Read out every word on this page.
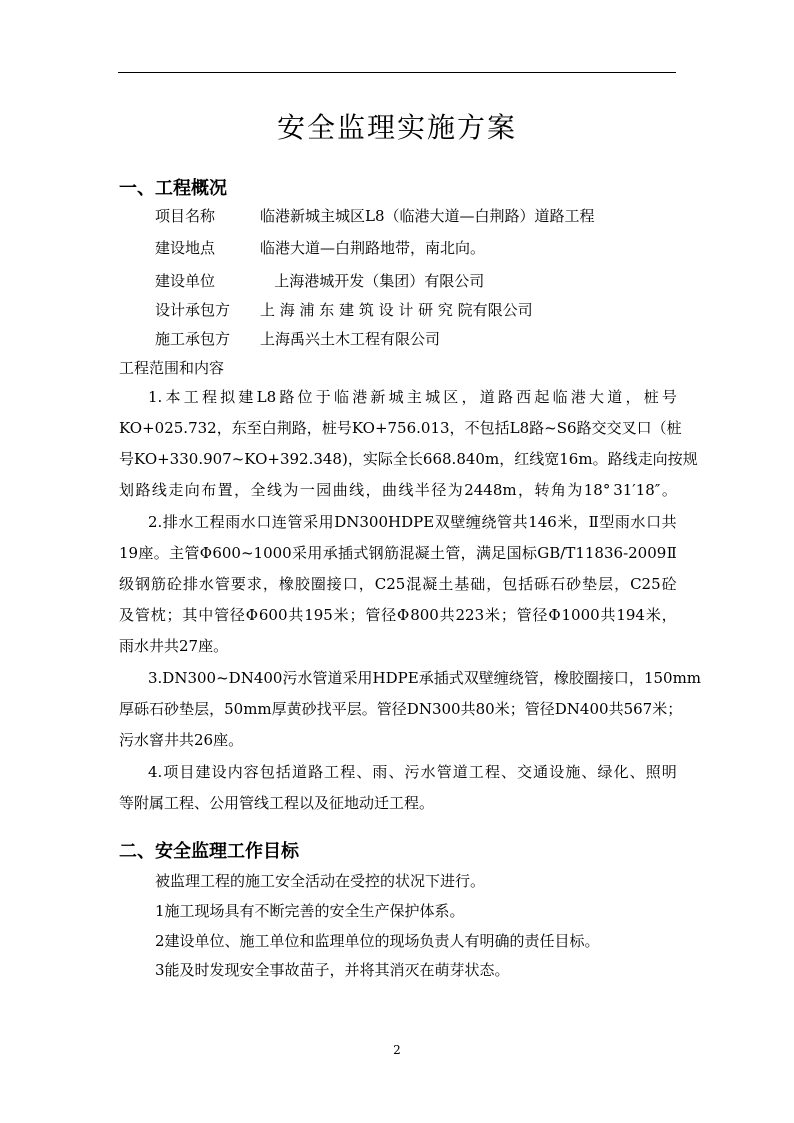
安全监理实施方案
一、工程概况
项目名称	临港新城主城区L8（临港大道—白荆路）道路工程
建设地点	临港大道—白荆路地带，南北向。
建设单位	上海港城开发（集团）有限公司
设计承包方 上 海 浦 东 建 筑 设 计 研 究 院有限公司
施工承包方 上海禹兴土木工程有限公司
工程范围和内容
1. 本 工 程 拟 建 L8 路 位 于 临 港 新 城 主 城 区 ， 道 路 西 起 临 港 大 道 ， 桩 号
KO+025.732 ， 东 至 白 荆 路 ， 桩 号 KO+756.013 ， 不 包 括 L8 路 ~S6 路 交 交 叉 口 （ 桩
号 KO+330.907~KO+392.348 ) ， 实 际 全 长 668.840m ， 红 线 宽 16m 。 路 线 走 向 按 规
划 路 线 走 向 布 置 ， 全 线 为 一 园 曲 线 ， 曲 线 半 径 为 2448m ， 转 角 为 18° 31′18″ 。
2. 排 水 工 程 雨 水 口 连 管 采 用 DN300HDPE 双 壁 缠 绕 管 共 146 米 ， Ⅱ 型 雨 水 口 共
19 座 。 主 管 Φ 600~1000 采 用 承 插 式 钢 筋 混 凝 土 管 ， 满 足 国 标 GB/T11836-2009 Ⅱ
级 钢 筋 砼 排 水 管 要 求 ， 橡 胶 圈 接 口 ， C25 混 凝 土 基 础 ， 包 括 砾 石 砂 垫 层 ， C25 砼
及 管 枕 ； 其 中 管 径 Φ 600 共 195 米 ； 管 径 Φ 800 共 223 米 ； 管 径 Φ 1000 共 194 米 ，
雨水井共27座。
3.DN300~DN400 污 水 管 道 采 用 HDPE 承 插 式 双 壁 缠 绕 管 ， 橡 胶 圈 接 口 ， 150mm
厚 砾 石 砂 垫 层 ， 50mm 厚 黄 砂 找 平 层 。 管 径 DN300 共 80 米 ； 管 径 DN400 共 567 米 ；
污水窨井共26座。
4. 项 目 建 设 内 容 包 括 道 路 工 程 、 雨 、 污 水 管 道 工 程 、 交 通 设 施 、 绿 化 、 照 明
等附属工程、公用管线工程以及征地动迁工程。
二、安全监理工作目标
被监理工程的施工安全活动在受控的状况下进行。
1施工现场具有不断完善的安全生产保护体系。
2建设单位、施工单位和监理单位的现场负责人有明确的责任目标。
3能及时发现安全事故苗子，并将其消灭在萌芽状态。
2
